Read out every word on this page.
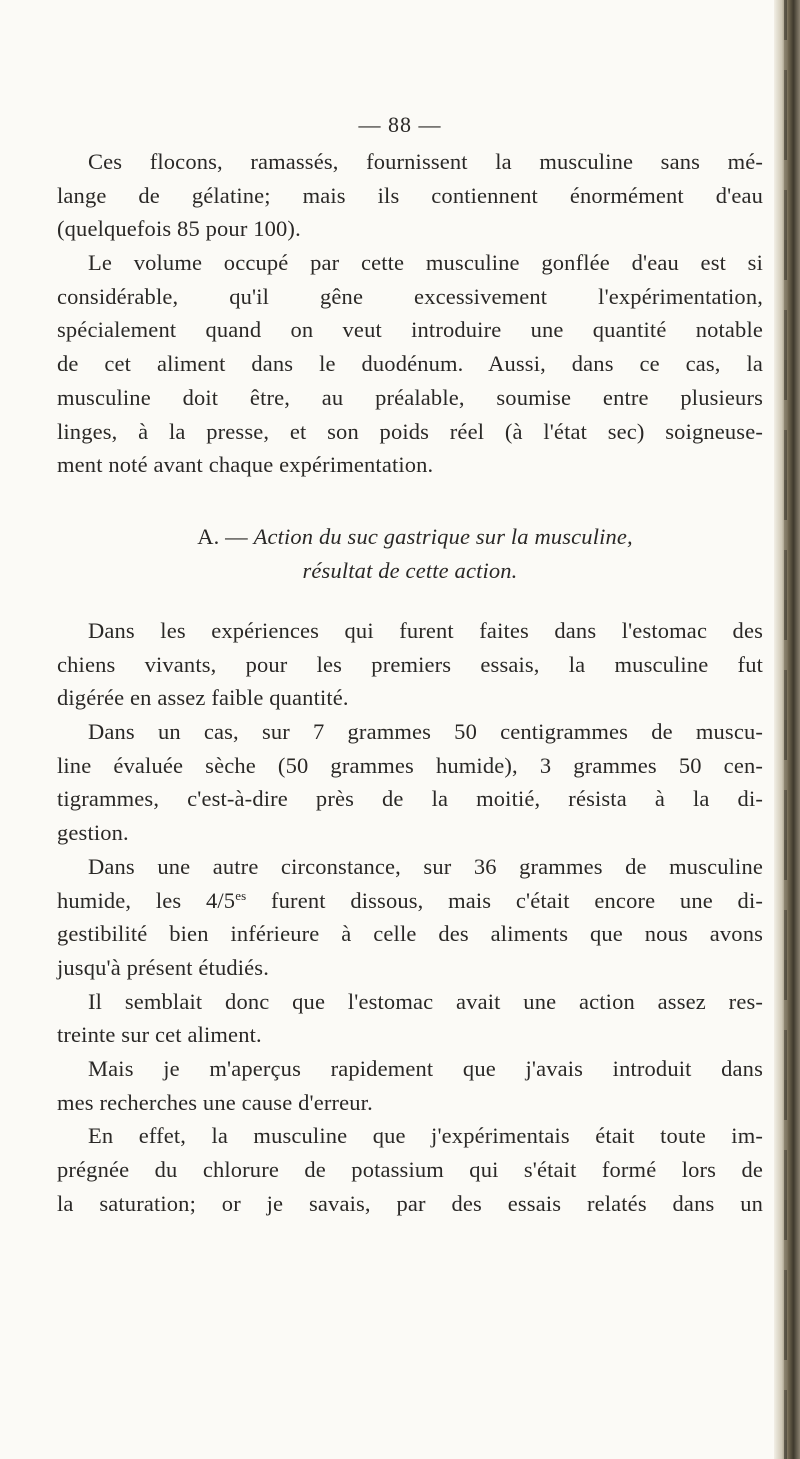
— 88 —
Ces flocons, ramassés, fournissent la musculine sans mé-
lange de gélatine; mais ils contiennent énormément d'eau
(quelquefois 85 pour 100).
Le volume occupé par cette musculine gonflée d'eau est si
considérable, qu'il gêne excessivement l'expérimentation,
spécialement quand on veut introduire une quantité notable
de cet aliment dans le duodénum. Aussi, dans ce cas, la
musculine doit être, au préalable, soumise entre plusieurs
linges, à la presse, et son poids réel (à l'état sec) soigneuse-
ment noté avant chaque expérimentation.
A. — Action du suc gastrique sur la musculine,
résultat de cette action.
Dans les expériences qui furent faites dans l'estomac des
chiens vivants, pour les premiers essais, la musculine fut
digérée en assez faible quantité.
Dans un cas, sur 7 grammes 50 centigrammes de muscu-
line évaluée sèche (50 grammes humide), 3 grammes 50 cen-
tigrammes, c'est-à-dire près de la moitié, résista à la di-
gestion.
Dans une autre circonstance, sur 36 grammes de musculine
humide, les $4/5^{es}$ furent dissous, mais c'était encore une di-
gestibilité bien inférieure à celle des aliments que nous avons
jusqu'à présent étudiés.
Il semblait donc que l'estomac avait une action assez res-
treinte sur cet aliment.
Mais je m'aperçus rapidement que j'avais introduit dans
mes recherches une cause d'erreur.
En effet, la musculine que j'expérimentais était toute im-
prégnée du chlorure de potassium qui s'était formé lors de
la saturation; or je savais, par des essais relatés dans un
